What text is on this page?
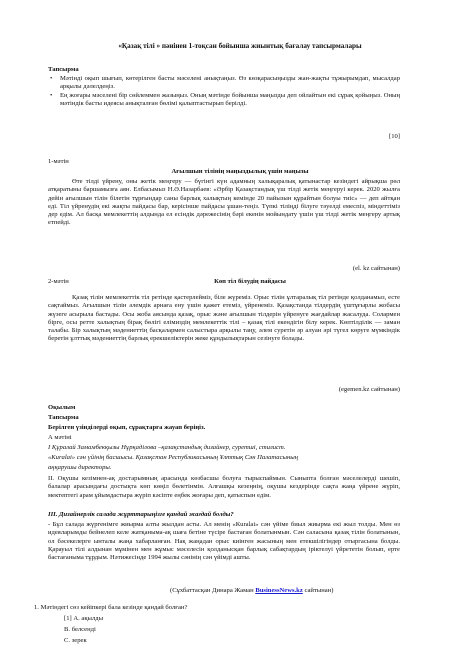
«Қазақ тілі » пәнінен 1-тоқсан бойынша жиынтық бағалау тапсырмалары
Тапсырма
• Мәтінді оқып шығып, көтерілген басты мәселені анықтаңыз. Өз көзқарасыңызды жан-жақты тұжырымдап, мысалдар арқылы дәлелдеңіз.
• Ең жоғары мәселені бір сөйлеммен жазыңыз. Оның мәтінде бойынша маңызды деп ойлайтын екі сұрақ қойыңыз. Оның мәтіндік басты идеясы анықталған бөлімі қалыптастырып берілді.
[10]
1-мәтін
Ағылшын тілінің маңыздылық үшін маңызы
Өте тілді үйрену, оны жетік меңгеру — бүгінгі күн адамның халықаралық қатынастар кезіндегі айрықша рөл атқаратыны баршамызға аян. Елбасымыз Н.Ә.Назарбаев: «Әрбір Қазақстандық үш тілді жетік меңгеруі керек. 2020 жылға дейін ағылшын тілін білетін тұрғындар саны барлық халықтың кемінде 20 пайызын құрайтын болуы тиіс» — деп айтқан еді. Тіл үйренудің екі жақты пайдасы бар, керісінше пайдасы ұшан-теңіз. Түпкі тіліңді білуге тәуелді емеспіз, міндеттіміз дер едім. Ал басқа мемлекеттің алдында ел есіндік дәрежесінің бәрі екенін мойындату үшін үш тілді жетік меңгеру артық етпейді.
(el. kz сайтынан)
2-мәтін	Көп тіл білудің пайдасы
Қазақ тілін мемлекеттік тіл ретінде қастерлейміз, біле жүреміз. Орыс тілін ұлтаралық тіл ретінде қолданамыз, есте сақтаймыз. Ағылшын тілін әлемдік арнаға ену үшін қажет етеміз, үйренеміз. Қазақстанда тілдердің үштұғырлы жобасы жүзеге асырыла бастады. Осы жоба аясында қазақ, орыс және ағылшын тілдерін үйренуге жағдайлар жасалуда. Солармен бірге, осы ретте халықтың бірақ бөлігі елімиздің мемлекеттік тілі – қазақ тілі екендігін білу керек. Көптілділік — заман талабы. Бір халықтың мәдениеттің басқалармен салыстыра арқылы таңу, әлем суретін әр алуан әрі түгел көруге мүмкіндік беретін ұлттық мәдениеттің барлық ерекшеліктерін жеке құндылықтарын сезінуге болады.
(egemen.kz сайтынан)
Оқылым
Тапсырма
Берілген үзінділерді оқып, сұрақтарға жауап беріңіз.
А мәтіні
І Құралай Замамбекқызы Нұрқаділова –қазақстандық дизайнер, суретші, стилист.
«Кuralai» сән үйінің басшысы. Қазақстан Республикасының Ұлттық Сән Палатасының
аңқарушы директоры.
ІІ. Оқушы кезімнен-ақ достарымның арасында көзбасшы болуға тырыспаймын. Сыныпта болған мәселелерді шешіп, балалар арасындағы достықта көп көңіл бөлетінмін. Алғашқы кезеңнің, оқушы кездерінде сақта жаңа үйрене жүріп, мектептегі арам ұйымдастыра жүріп кәсіпте еңбек жоғары деп, қатыспын едім.
ІІІ. Дизайнерлік салада жұрттарыңізге қандай жағдай болды?
- Бұл салада жүргенімге жиырма алты жылдан асты. Ал менің «Кuralai» сән үйіме биыл жиырма екі жыл толды. Мен өз идеяларымды бейнелеп келе жатқаныма-ақ шаға бетіне түсіре бастаған болатынмын. Сән саласына қазақ тілін болатынын, ол бәсекелерге ынталы жаңа хабарланған. Нақ жаңадан орыс киінген жасының мен етекшілігіндер отыргасына болды. Қарауыл тілі алдынан мұмінен мен жұмыс мәселесін қолданысқан барлық сабақтардың іріктелуі үйрететін болып, ерте бастағаныма тұрдым. Нәтижесінде 1994 жылы сәнінің сән үйімді ашты.
(Сұхбаттасқан Динара Жаман BusinessNews.kz сайтынан)
1. Мәтіндегі сөз кейіпкері бала кезінде қандай болған?
[1] А. ақылды
B. белсенді
C. зерек
